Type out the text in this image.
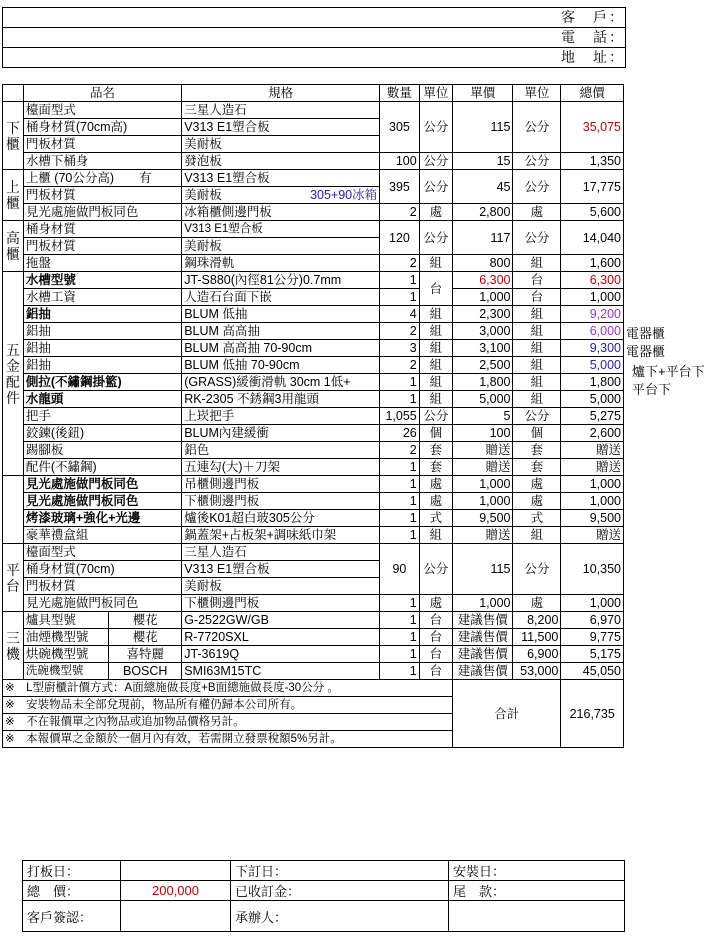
客　戶：
電　話：
地　址：
	品名		規格	數量	單位	單價	單位	總價
下櫃	檯面型式		三星人造石	305	公分	115	公分	35,075
	桶身材質(70cm高)		V313 E1塑合板					
	門板材質		美耐板					
	水槽下桶身		發泡板	100	公分	15	公分	1,350
上櫃	上櫃 (70公分高)　　有		V313 E1塑合板	395	公分	45	公分	17,775
	門板材質		美耐板 305+90冰箱					

	見光處施做門板同色		冰箱櫃側邊門板	2	處	2,800	處	5,600
高櫃	桶身材質		V313 E1塑合板	120	公分	117	公分	14,040
	門板材質		美耐板					
	拖盤		鋼珠滑軌	2	組	800	組	1,600
五金配件	水槽型號		JT-S880(內徑81公分)0.7mm	1	台	6,300	台	6,300
	水槽工資		人造石台面下嵌	1		1,000	台	1,000
	鋁抽		BLUM 低抽	4	組	2,300	組	9,200
	鋁抽		BLUM 高高抽	2	組	3,000	組	6,000
	鋁抽		BLUM 高高抽 70-90cm	3	組	3,100	組	9,300
	鋁抽		BLUM 低抽 70-90cm	2	組	2,500	組	5,000
	側拉(不鏽鋼掛籃)		(GRASS)緩衝滑軌 30cm 1低+	1	組	1,800	組	1,800
	水龍頭		RK-2305 不銹鋼3用龍頭	1	組	5,000	組	5,000
	把手		上崁把手	1,055	公分	5	公分	5,275
	鉸鍊(後鈕)		BLUM內建緩衝	26	個	100	個	2,600
	踢腳板		鋁色	2	套	贈送	套	贈送
	配件(不鏽鋼)		五連勾(大)＋刀架	1	套	贈送	套	贈送
	見光處施做門板同色		吊櫃側邊門板	1	處	1,000	處	1,000
	見光處施做門板同色		下櫃側邊門板	1	處	1,000	處	1,000
	烤漆玻璃+強化+光邊		爐後K01超白玻305公分	1	式	9,500	式	9,500
	豪華禮盒組		鍋蓋架+占板架+調味紙巾架	1	組	贈送	組	贈送
平台	檯面型式		三星人造石	90	公分	115	公分	10,350
	桶身材質(70cm)		V313 E1塑合板					
	門板材質		美耐板					
	見光處施做門板同色		下櫃側邊門板	1	處	1,000	處	1,000
三機	爐具型號	櫻花	G-2522GW/GB	1	台	建議售價	8,200	6,970
	油煙機型號	櫻花	R-7720SXL	1	台	建議售價	11,500	9,775
	烘碗機型號	喜特麗	JT-3619Q	1	台	建議售價	6,900	5,175
	洗碗機型號	BOSCH	SMI63M15TC	1	台	建議售價	53,000	45,050
※　L型廚櫃計價方式：A面總施做長度+B面總施做長度-30公分 。						合計		216,735
※　安裝物品未全部兌現前，物品所有權仍歸本公司所有。								
※　不在報價單之內物品或追加物品價格另計。								
※　本報價單之金額於一個月內有效，若需開立發票稅額5%另計。								
電器櫃
電器櫃
爐下+平台下
平台下
打板日：		下訂日：	安裝日：
總　價：	200,000	已收訂金：	尾　款：
客戶簽認：		承辦人：	
